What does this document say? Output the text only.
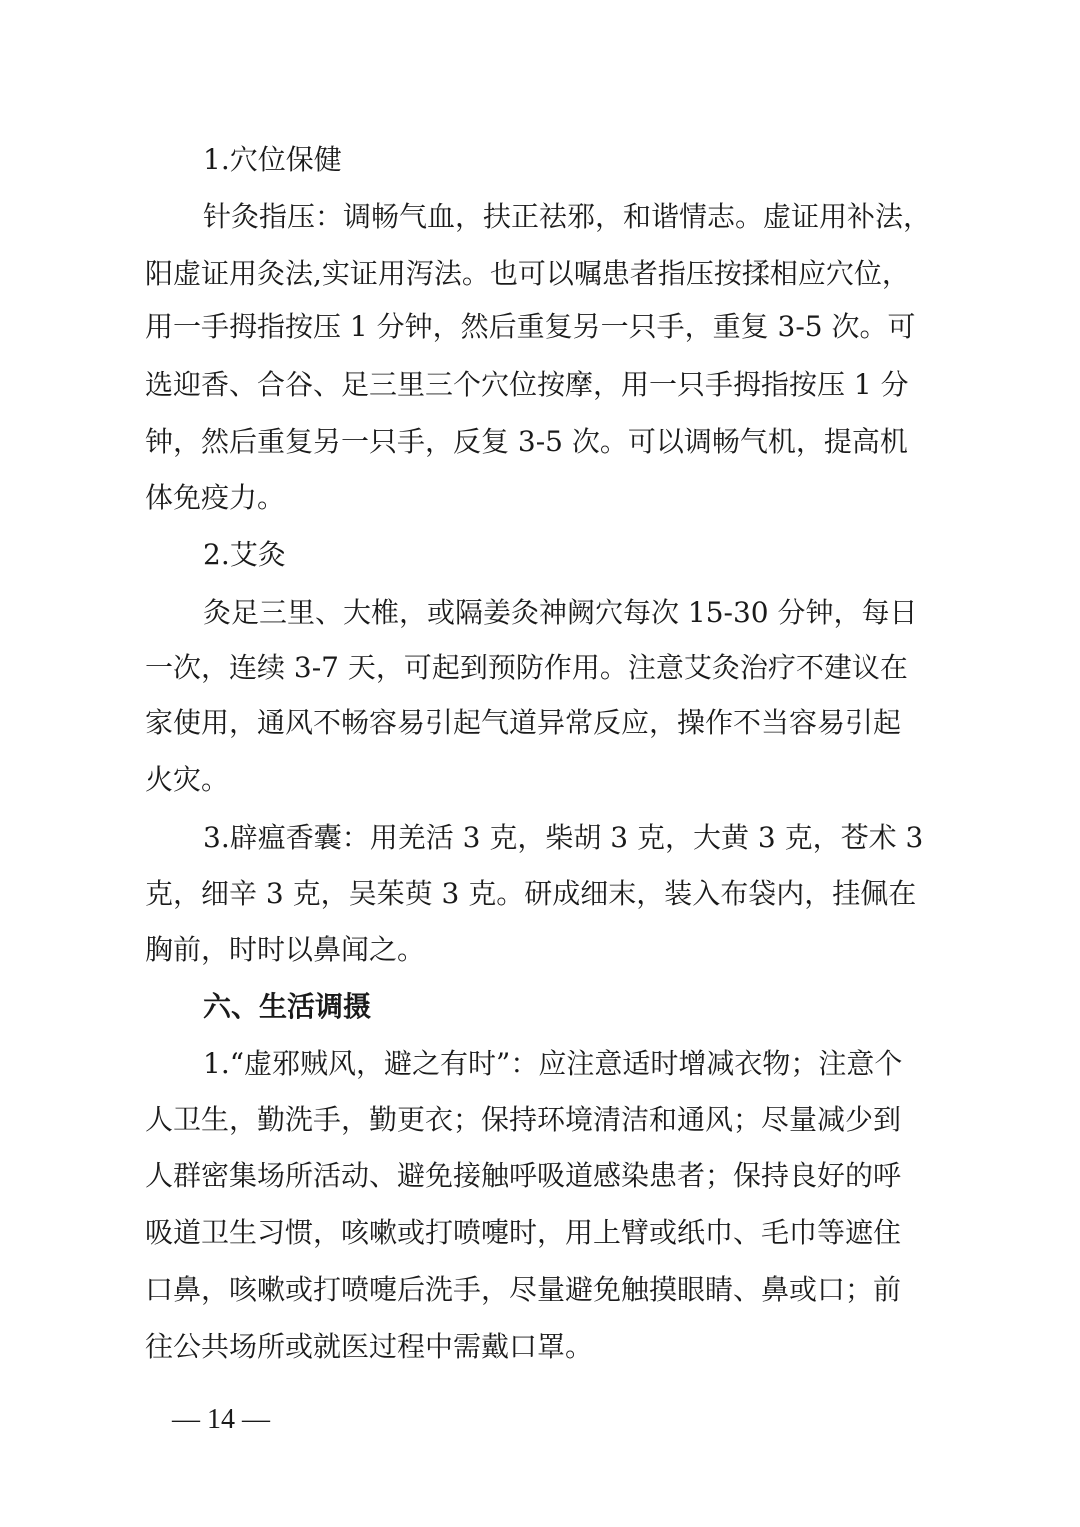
1.穴位保健
针灸指压：调畅气血，扶正祛邪，和谐情志。虚证用补法，
阳虚证用灸法,实证用泻法。也可以嘱患者指压按揉相应穴位，
用一手拇指按压 1 分钟，然后重复另一只手，重复 3-5 次。可
选迎香、合谷、足三里三个穴位按摩，用一只手拇指按压 1 分
钟，然后重复另一只手，反复 3-5 次。可以调畅气机，提高机
体免疫力。
2.艾灸
灸足三里、大椎，或隔姜灸神阙穴每次 15-30 分钟，每日
一次，连续 3-7 天，可起到预防作用。注意艾灸治疗不建议在
家使用，通风不畅容易引起气道异常反应，操作不当容易引起
火灾。
3.辟瘟香囊：用羌活 3 克，柴胡 3 克，大黄 3 克，苍术 3
克，细辛 3 克，吴茱萸 3 克。研成细末，装入布袋内，挂佩在
胸前，时时以鼻闻之。
六、生活调摄
1.“虚邪贼风，避之有时”：应注意适时增减衣物；注意个
人卫生，勤洗手，勤更衣；保持环境清洁和通风；尽量减少到
人群密集场所活动、避免接触呼吸道感染患者；保持良好的呼
吸道卫生习惯，咳嗽或打喷嚏时，用上臂或纸巾、毛巾等遮住
口鼻，咳嗽或打喷嚏后洗手，尽量避免触摸眼睛、鼻或口；前
往公共场所或就医过程中需戴口罩。
— 14 —
